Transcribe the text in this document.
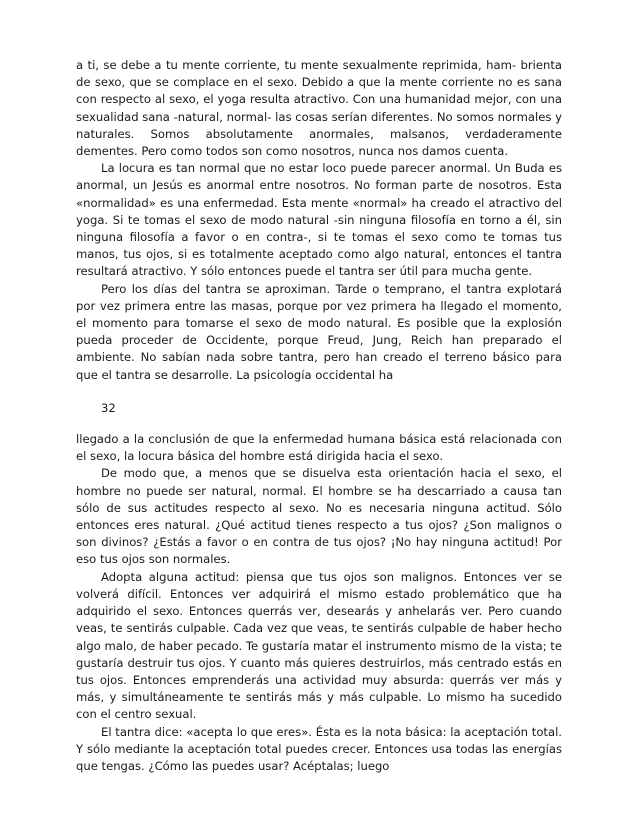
a ti, se debe a tu mente corriente, tu mente sexualmente reprimida, ham- brienta de sexo, que se complace en el sexo. Debido a que la mente corriente no es sana con respecto al sexo, el yoga resulta atractivo. Con una humanidad mejor, con una sexualidad sana -natural, normal- las cosas serían diferentes. No somos normales y naturales. Somos absolutamente anormales, malsanos, verdaderamente dementes. Pero como todos son como nosotros, nunca nos damos cuenta.

La locura es tan normal que no estar loco puede parecer anormal. Un Buda es anormal, un Jesús es anormal entre nosotros. No forman parte de nosotros. Esta «normalidad» es una enfermedad. Esta mente «normal» ha creado el atractivo del yoga. Si te tomas el sexo de modo natural -sin ninguna filosofía en torno a él, sin ninguna filosofía a favor o en contra-, si te tomas el sexo como te tomas tus manos, tus ojos, si es totalmente aceptado como algo natural, entonces el tantra resultará atractivo. Y sólo entonces puede el tantra ser útil para mucha gente.

Pero los días del tantra se aproximan. Tarde o temprano, el tantra explotará por vez primera entre las masas, porque por vez primera ha llegado el momento, el momento para tomarse el sexo de modo natural. Es posible que la explosión pueda proceder de Occidente, porque Freud, Jung, Reich han preparado el ambiente. No sabían nada sobre tantra, pero han creado el terreno básico para que el tantra se desarrolle. La psicología occidental ha

32

llegado a la conclusión de que la enfermedad humana básica está relacionada con el sexo, la locura básica del hombre está dirigida hacia el sexo.

De modo que, a menos que se disuelva esta orientación hacia el sexo, el hombre no puede ser natural, normal. El hombre se ha descarriado a causa tan sólo de sus actitudes respecto al sexo. No es necesaria ninguna actitud. Sólo entonces eres natural. ¿Qué actitud tienes respecto a tus ojos? ¿Son malignos o son divinos? ¿Estás a favor o en contra de tus ojos? ¡No hay ninguna actitud! Por eso tus ojos son normales.

Adopta alguna actitud: piensa que tus ojos son malignos. Entonces ver se volverá difícil. Entonces ver adquirirá el mismo estado problemático que ha adquirido el sexo. Entonces querrás ver, desearás y anhelarás ver. Pero cuando veas, te sentirás culpable. Cada vez que veas, te sentirás culpable de haber hecho algo malo, de haber pecado. Te gustaría matar el instrumento mismo de la vista; te gustaría destruir tus ojos. Y cuanto más quieres destruirlos, más centrado estás en tus ojos. Entonces emprenderás una actividad muy absurda: querrás ver más y más, y simultáneamente te sentirás más y más culpable. Lo mismo ha sucedido con el centro sexual.

El tantra dice: «acepta lo que eres». Ésta es la nota básica: la aceptación total. Y sólo mediante la aceptación total puedes crecer. Entonces usa todas las energías que tengas. ¿Cómo las puedes usar? Acéptalas; luego
